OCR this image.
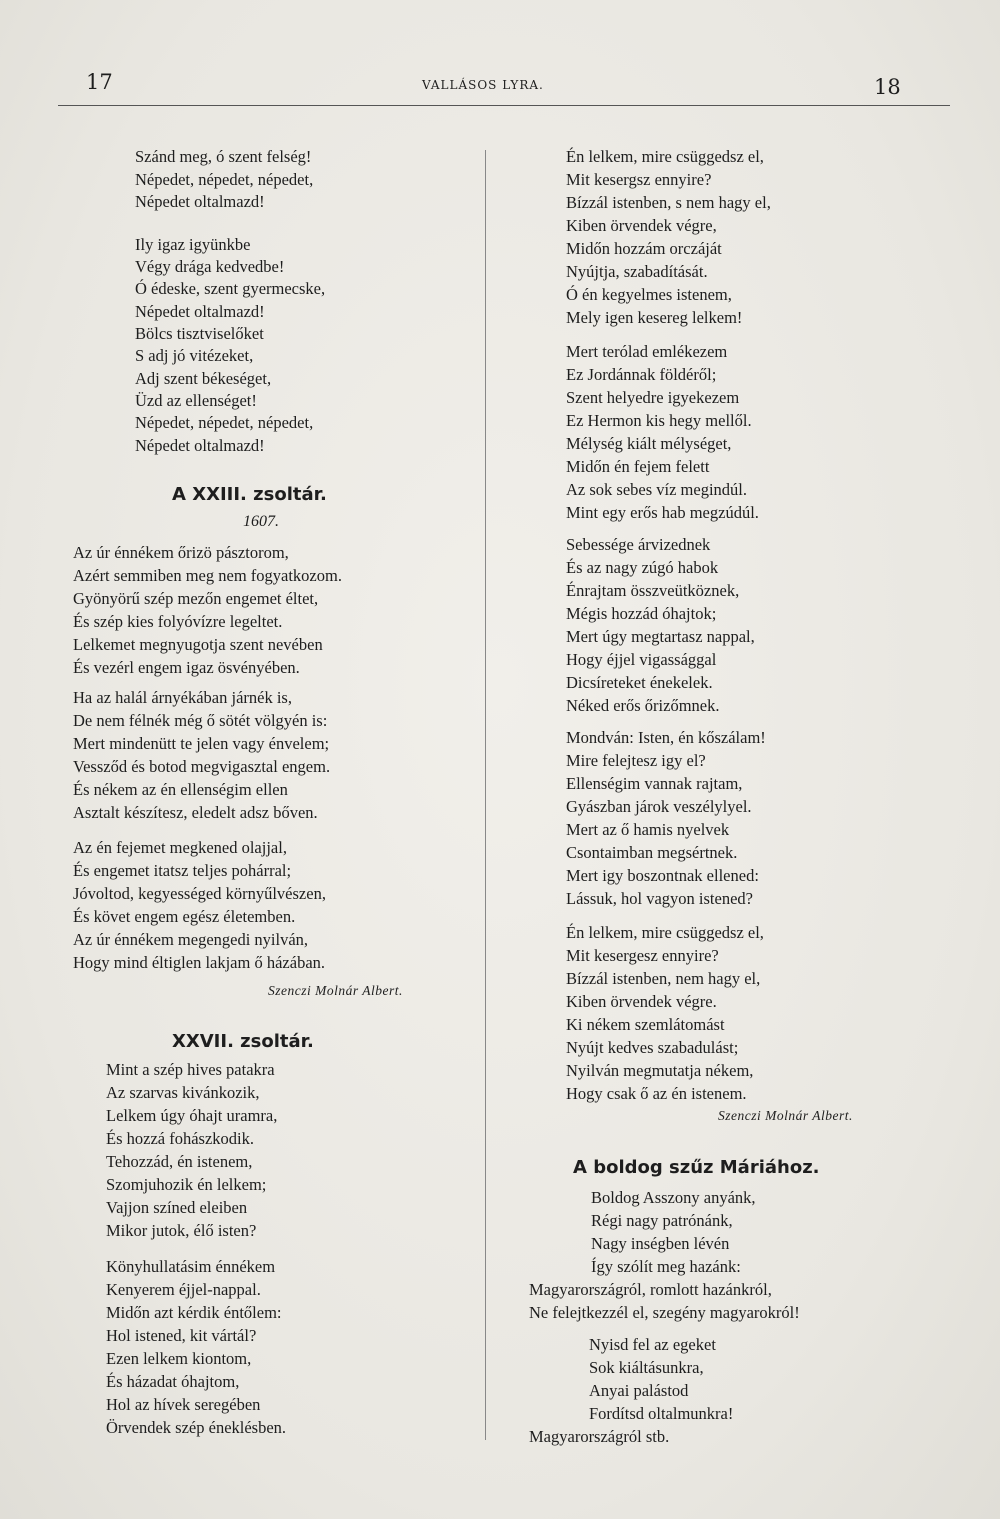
17	VALLÁSOS LYRA.	18
Szánd meg, ó szent felség!
Népedet, népedet, népedet,
Népedet oltalmazd!
Ily igaz igyünkbe
Végy drága kedvedbe!
Ó édeske, szent gyermecske,
Népedet oltalmazd!
Bölcs tisztviselőket
S adj jó vitézeket,
Adj szent békeséget,
Üzd az ellenséget!
Népedet, népedet, népedet,
Népedet oltalmazd!
A XXIII. zsoltár.
1607.
Az úr énnékem őrizö pásztorom,
Azért semmiben meg nem fogyatkozom.
Gyönyörű szép mezőn engemet éltet,
És szép kies folyóvízre legeltet.
Lelkemet megnyugotja szent nevében
És vezérl engem igaz ösvényében.
Ha az halál árnyékában járnék is,
De nem félnék még ő sötét völgyén is:
Mert mindenütt te jelen vagy énvelem;
Vessződ és botod megvigasztal engem.
És nékem az én ellenségim ellen
Asztalt készítesz, eledelt adsz bőven.
Az én fejemet megkened olajjal,
És engemet itatsz teljes pohárral;
Jóvoltod, kegyességed környűlvészen,
És követ engem egész életemben.
Az úr énnékem megengedi nyilván,
Hogy mind éltiglen lakjam ő házában.
Szenczi Molnár Albert.
XXVII. zsoltár.
Mint a szép hives patakra
Az szarvas kivánkozik,
Lelkem úgy óhajt uramra,
És hozzá fohászkodik.
Tehozzád, én istenem,
Szomjuhozik én lelkem;
Vajjon színed eleiben
Mikor jutok, élő isten?
Könyhullatásim énnékem
Kenyerem éjjel-nappal.
Midőn azt kérdik éntőlem:
Hol istened, kit vártál?
Ezen lelkem kiontom,
És házadat óhajtom,
Hol az hívek seregében
Örvendek szép éneklésben.
Én lelkem, mire csüggedsz el,
Mit kesergsz ennyire?
Bízzál istenben, s nem hagy el,
Kiben örvendek végre,
Midőn hozzám orczáját
Nyújtja, szabadítását.
Ó én kegyelmes istenem,
Mely igen kesereg lelkem!
Mert terólad emlékezem
Ez Jordánnak földéről;
Szent helyedre igyekezem
Ez Hermon kis hegy mellől.
Mélység kiált mélységet,
Midőn én fejem felett
Az sok sebes víz megindúl.
Mint egy erős hab megzúdúl.
Sebessége árvizednek
És az nagy zúgó habok
Énrajtam összveütköznek,
Mégis hozzád óhajtok;
Mert úgy megtartasz nappal,
Hogy éjjel vigassággal
Dicsíreteket énekelek.
Néked erős őrizőmnek.
Mondván: Isten, én kőszálam!
Mire felejtesz igy el?
Ellenségim vannak rajtam,
Gyászban járok veszélylyel.
Mert az ő hamis nyelvek
Csontaimban megsértnek.
Mert igy boszontnak ellened:
Lássuk, hol vagyon istened?
Én lelkem, mire csüggedsz el,
Mit kesergesz ennyire?
Bízzál istenben, nem hagy el,
Kiben örvendek végre.
Ki nékem szemlátomást
Nyújt kedves szabadulást;
Nyilván megmutatja nékem,
Hogy csak ő az én istenem.
Szenczi Molnár Albert.
A boldog szűz Máriához.
Boldog Asszony anyánk,
Régi nagy patrónánk,
Nagy inségben lévén
Így szólít meg hazánk:
Magyarországról, romlott hazánkról,
Ne felejtkezzél el, szegény magyarokról!
Nyisd fel az egeket
Sok kiáltásunkra,
Anyai palástod
Fordítsd oltalmunkra!
Magyarországról stb.
